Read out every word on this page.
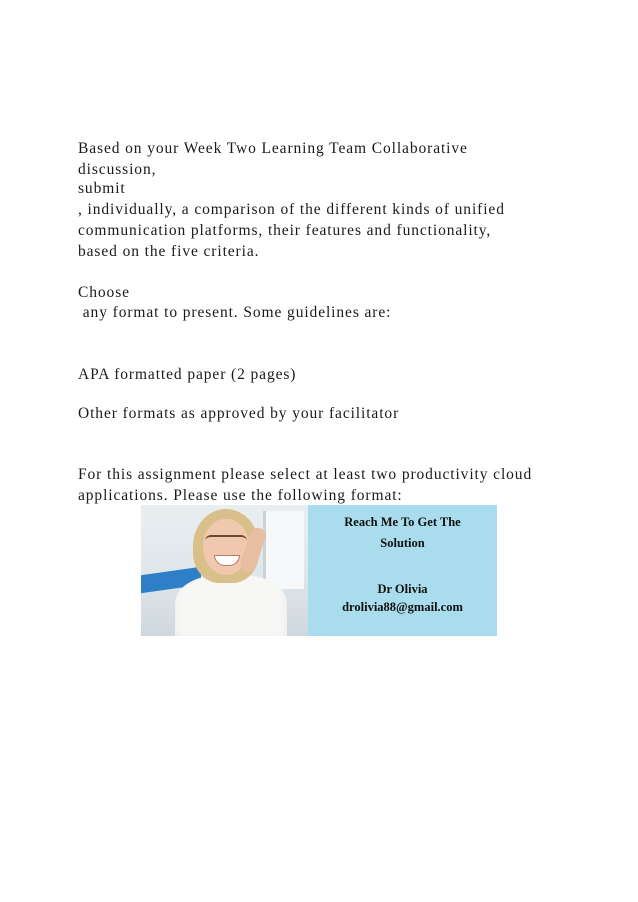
Based on your Week Two Learning Team Collaborative

discussion,

submit

, individually, a comparison of the different kinds of unified

communication platforms, their features and functionality,

based on the five criteria.

Choose

any format to present. Some guidelines are:

APA formatted paper (2 pages)

Other formats as approved by your facilitator

For this assignment please select at least two productivity cloud

applications. Please use the following format:

Reach Me To Get The
Solution
Dr Olivia
drolivia88@gmail.com
